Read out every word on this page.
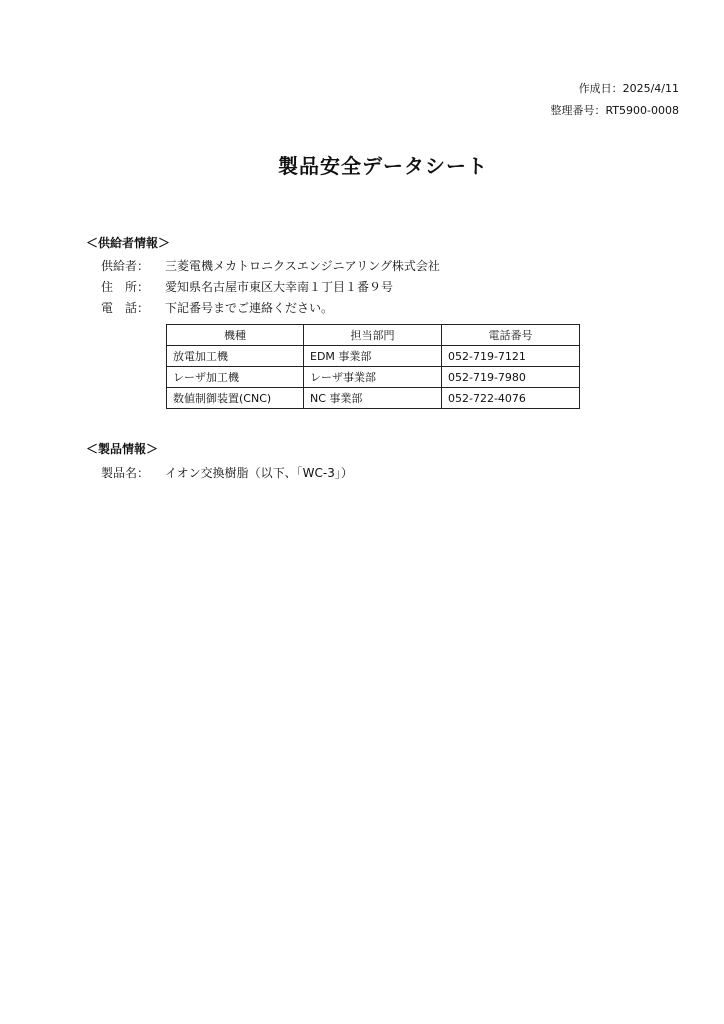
作成日 ： 2025/4/11
整理番号 ： RT5900-0008
製品安全データシート
＜供給者情報＞
供給者： 三菱電機メカトロニクスエンジニアリング株式会社
住　所： 愛知県名古屋市東区大幸南１丁目１番９号
電　話： 下記番号までご連絡ください。
機種	担当部門	電話番号
放電加工機	EDM 事業部	052-719-7121
レーザ加工機	レーザ事業部	052-719-7980
数値制御装置(CNC)	NC 事業部	052-722-4076
＜製品情報＞
製品名： イオン交換樹脂（以下、「WC-3」）
